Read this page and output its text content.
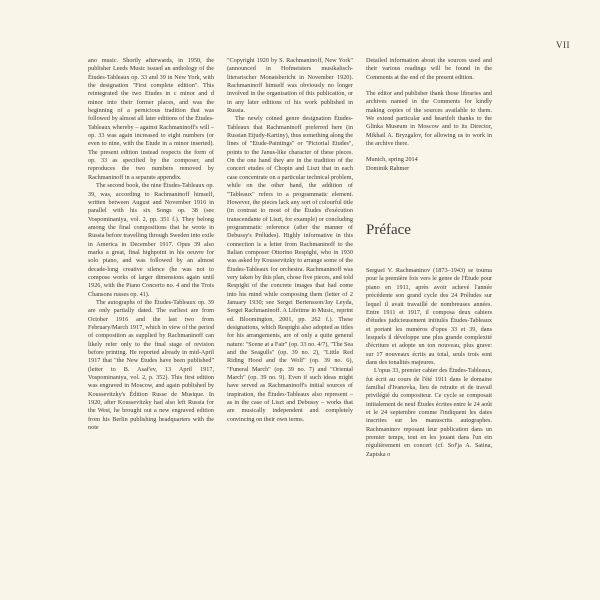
VII

ano music. Shortly afterwards, in 1950, the publisher Leeds Music issued an anthology of the Études-Tableaux op. 33 and 39 in New York, with the designation "First complete edition". This reintegrated the two Etudes in c minor and d minor into their former places, and was the beginning of a pernicious tradition that was followed by almost all later editions of the Études-Tableaux whereby – against Rachmaninoff's will – op. 33 was again increased to eight numbers (or even to nine, with the Etude in a minor inserted). The present edition instead respects the form of op. 33 as specified by the composer, and reproduces the two numbers removed by Rachmaninoff in a separate appendix.

The second book, the nine Études-Tableaux op. 39, was, according to Rachmaninoff himself, written between August and November 1916 in parallel with his six Songs op. 38 (see Vospominaniya, vol. 2, pp. 351 f.). They belong among the final compositions that he wrote in Russia before travelling through Sweden into exile in America in December 1917. Opus 39 also marks a great, final highpoint in his oeuvre for solo piano, and was followed by an almost decade-long creative silence (he was not to compose works of larger dimensions again until 1926, with the Piano Concerto no. 4 and the Trois Chansons russes op. 41).

The autographs of the Études-Tableaux op. 39 are only partially dated. The earliest are from October 1916 and the last two from February/March 1917, which in view of the period of composition as supplied by Rachmaninoff can likely refer only to the final stage of revision before printing. He reported already in mid-April 1917 that "the New Études have been published" (letter to B. Asaf'ev, 13 April 1917, Vospominaniya, vol. 2, p. 352). This first edition was engraved in Moscow, and again published by Koussevitzky's Édition Russe de Musique. In 1920, after Koussevitzky had also left Russia for the West, he brought out a new engraved edition from his Berlin publishing headquarters with the note

"Copyright 1920 by S. Rachmaninoff, New York" (announced in Hofmeisters musikalisch-literarischer Monatsbericht in November 1920). Rachmaninoff himself was obviously no longer involved in the organisation of this publication, or in any later editions of his work published in Russia.

The newly coined genre designation Études-Tableaux that Rachmaninoff preferred here (in Russian Etjudy-Kartiny), thus something along the lines of "Etude-Paintings" or "Pictorial Etudes", points to the Janus-like character of these pieces. On the one hand they are in the tradition of the concert etudes of Chopin and Liszt that in each case concentrate on a particular technical problem, while on the other hand, the addition of "Tableaux" refers to a programmatic element. However, the pieces lack any sort of colourful title (in contrast to most of the Études d'exécution transcendante of Liszt, for example) or concluding programmatic reference (after the manner of Debussy's Préludes). Highly informative in this connection is a letter from Rachmaninoff to the Italian composer Ottorino Respighi, who in 1930 was asked by Koussevitzky to arrange some of the Études-Tableaux for orchestra. Rachmaninoff was very taken by this plan, chose five pieces, and told Respighi of the concrete images that had come into his mind while composing them (letter of 2 January 1930; see Sergei Bertensson/Jay Leyda, Sergei Rachmaninoff. A Lifetime in Music, reprint ed. Bloomington, 2001, pp. 262 f.). These designations, which Respighi also adopted as titles for his arrangements, are of only a quite general nature: "Scene at a Fair" (op. 33 no. 4/7), "The Sea and the Seagulls" (op. 39 no. 2), "Little Red Riding Hood and the Wolf" (op. 39 no. 6), "Funeral March" (op. 39 no. 7) and "Oriental March" (op. 39 no. 9). Even if such ideas might have served as Rachmaninoff's initial sources of inspiration, the Études-Tableaux also represent – as in the case of Liszt and Debussy – works that are musically independent and completely convincing on their own terms.

Detailed information about the sources used and their various readings will be found in the Comments at the end of the present edition.

The editor and publisher thank those libraries and archives named in the Comments for kindly making copies of the sources available to them. We extend particular and heartfelt thanks to the Glinka Museum in Moscow and to its Director, Mikhail A. Bryzgalov, for allowing us to work in the archive there.

Munich, spring 2014
Dominik Rahmer
Préface

Sergueï V. Rachmaninov (1873–1943) se tourna pour la première fois vers le genre de l'Étude pour piano en 1911, après avoir achevé l'année précédente son grand cycle des 24 Préludes sur lequel il avait travaillé de nombreuses années. Entre 1911 et 1917, il composa deux cahiers d'études judicieusement intitulés Études-Tableaux et portant les numéros d'opus 33 et 39, dans lesquels il développe une plus grande complexité d'écriture et adopte un ton nouveau, plus grave: sur 17 nouveaux écrits au total, seuls trois sont dans des tonalités majeures.

L'opus 33, premier cahier des Études-Tableaux, fut écrit au cours de l'été 1911 dans le domaine familial d'Ivanovka, lieu de retraite et de travail privilégié du compositeur. Ce cycle se composait initialement de neuf Études écrites entre le 24 août et le 24 septembre comme l'indiquent les dates inscrites sur les manuscrits autographes. Rachmaninov reposant leur publication dans un premier temps, tout en les jouant dans l'un ein régulièrement en concert (cf. Sof'ja A. Satina, Zapiska o
